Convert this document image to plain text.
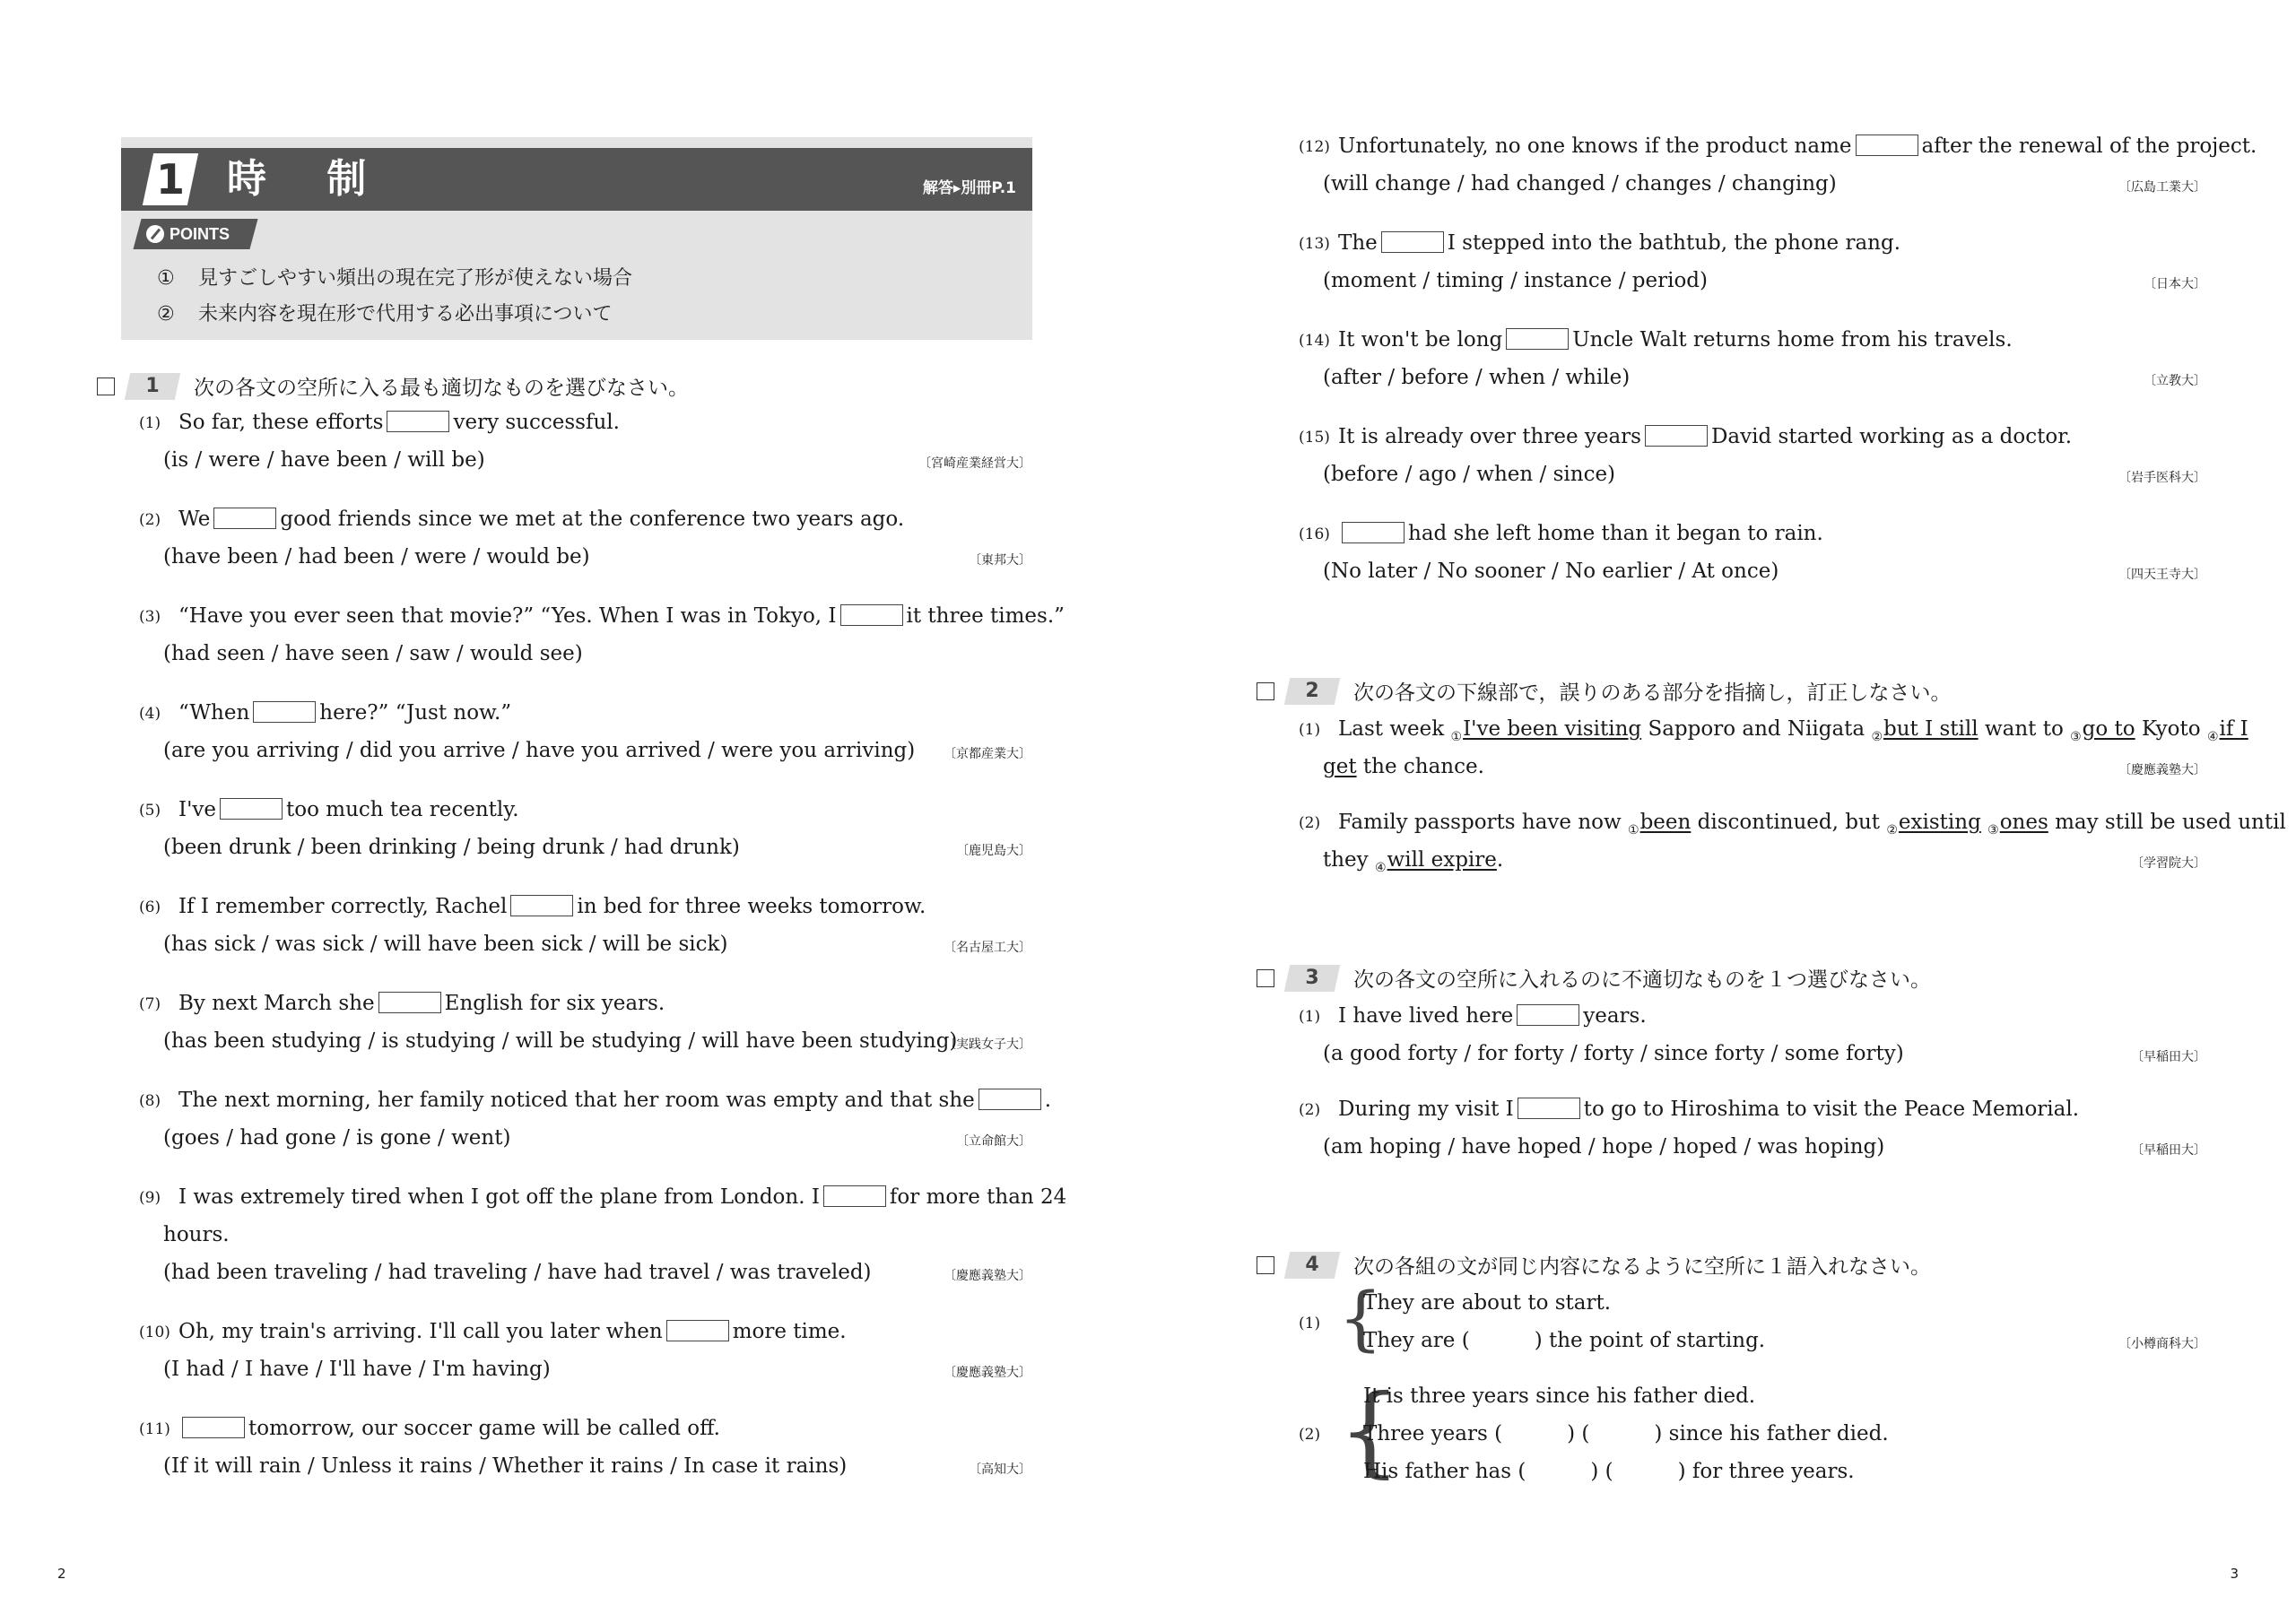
1 時 制	解答▸別冊P.1
POINTS
① 見すごしやすい頻出の現在完了形が使えない場合
② 未来内容を現在形で代用する必出事項について
1	次の各文の空所に入る最も適切なものを選びなさい。
(1) So far, these efforts	very successful.
(is / were / have been / will be)	〔宮崎産業経営大〕
(2) We	good friends since we met at the conference two years ago.
(have been / had been / were / would be)	〔東邦大〕
(3) “Have you ever seen that movie?” “Yes. When I was in Tokyo, I	it three times.”
(had seen / have seen / saw / would see)
(4) “When	here?” “Just now.”
(are you arriving / did you arrive / have you arrived / were you arriving) 〔京都産業大〕
(5) I've	too much tea recently.
(been drunk / been drinking / being drunk / had drunk)	〔鹿児島大〕
(6) If I remember correctly, Rachel	in bed for three weeks tomorrow.
(has sick / was sick / will have been sick / will be sick)	〔名古屋工大〕
(7) By next March she	English for six years.
(has been studying / is studying / will be studying / will have been studying)
〔実践女子大〕
(8) The next morning, her family noticed that her room was empty and that she	.
(goes / had gone / is gone / went)	〔立命館大〕
(9) I was extremely tired when I got off the plane from London. I	for more than 24
hours.
(had been traveling / had traveling / have had travel / was traveled)	〔慶應義塾大〕
(10) Oh, my train's arriving. I'll call you later when	more time.
(I had / I have / I'll have / I'm having)	〔慶應義塾大〕
(11)	tomorrow, our soccer game will be called off.
(If it will rain / Unless it rains / Whether it rains / In case it rains)	〔高知大〕
2
(12) Unfortunately, no one knows if the product name	after the renewal of the project.
(will change / had changed / changes / changing)	〔広島工業大〕
(13) The	I stepped into the bathtub, the phone rang.
(moment / timing / instance / period)	〔日本大〕
(14) It won't be long	Uncle Walt returns home from his travels.
(after / before / when / while)	〔立教大〕
(15) It is already over three years	David started working as a doctor.
(before / ago / when / since)	〔岩手医科大〕
(16)	had she left home than it began to rain.
(No later / No sooner / No earlier / At once)	〔四天王寺大〕
2	次の各文の下線部で，誤りのある部分を指摘し，訂正しなさい。
(1) Last week $_①$I've been visiting Sapporo and Niigata $_②$but I still want to $_③$go to Kyoto $_④$if I
get the chance.	〔慶應義塾大〕
(2) Family passports have now $_①$been discontinued, but $_②$existing $_③$ones may still be used until
they $_④$will expire.	〔学習院大〕
3	次の各文の空所に入れるのに不適切なものを１つ選びなさい。
(1) I have lived here	years.
(a good forty / for forty / forty / since forty / some forty)	〔早稲田大〕
(2) During my visit I	to go to Hiroshima to visit the Peace Memorial.
(am hoping / have hoped / hope / hoped / was hoping)	〔早稲田大〕
4	次の各組の文が同じ内容になるように空所に１語入れなさい。
(1) {
They are about to start.
They are (	) the point of starting.	〔小樽商科大〕
(2) {
It is three years since his father died.
Three years (	) (	) since his father died.
His father has (	) (	) for three years.
3
